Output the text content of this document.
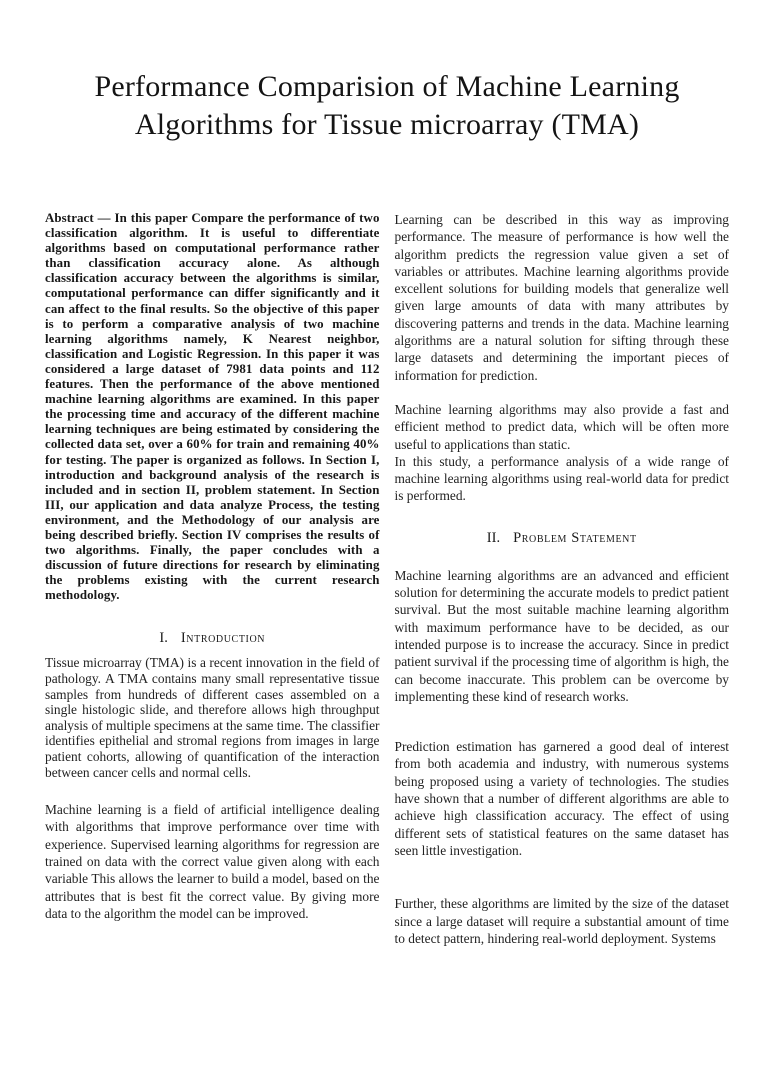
Performance Comparision of Machine Learning
Algorithms for Tissue microarray (TMA)

Abstract — In this paper Compare the performance of two classification algorithm. It is useful to differentiate algorithms based on computational performance rather than classification accuracy alone. As although classification accuracy between the algorithms is similar, computational performance can differ significantly and it can affect to the final results. So the objective of this paper is to perform a comparative analysis of two machine learning algorithms namely, K Nearest neighbor, classification and Logistic Regression. In this paper it was considered a large dataset of 7981 data points and 112 features. Then the performance of the above mentioned machine learning algorithms are examined. In this paper the processing time and accuracy of the different machine learning techniques are being estimated by considering the collected data set, over a 60% for train and remaining 40% for testing. The paper is organized as follows. In Section I, introduction and background analysis of the research is included and in section II, problem statement. In Section III, our application and data analyze Process, the testing environment, and the Methodology of our analysis are being described briefly. Section IV comprises the results of two algorithms. Finally, the paper concludes with a discussion of future directions for research by eliminating the problems existing with the current research methodology.

I. Introduction

Tissue microarray (TMA) is a recent innovation in the field of pathology. A TMA contains many small representative tissue samples from hundreds of different cases assembled on a single histologic slide, and therefore allows high throughput analysis of multiple specimens at the same time. The classifier identifies epithelial and stromal regions from images in large patient cohorts, allowing of quantification of the interaction between cancer cells and normal cells.

Machine learning is a field of artificial intelligence dealing with algorithms that improve performance over time with experience. Supervised learning algorithms for regression are trained on data with the correct value given along with each variable This allows the learner to build a model, based on the attributes that is best fit the correct value. By giving more data to the algorithm the model can be improved.

Learning can be described in this way as improving performance. The measure of performance is how well the algorithm predicts the regression value given a set of variables or attributes. Machine learning algorithms provide excellent solutions for building models that generalize well given large amounts of data with many attributes by discovering patterns and trends in the data. Machine learning algorithms are a natural solution for sifting through these large datasets and determining the important pieces of information for prediction.

Machine learning algorithms may also provide a fast and efficient method to predict data, which will be often more useful to applications than static.

In this study, a performance analysis of a wide range of machine learning algorithms using real-world data for predict is performed.

II. Problem Statement

Machine learning algorithms are an advanced and efficient solution for determining the accurate models to predict patient survival. But the most suitable machine learning algorithm with maximum performance have to be decided, as our intended purpose is to increase the accuracy. Since in predict patient survival if the processing time of algorithm is high, the can become inaccurate. This problem can be overcome by implementing these kind of research works.

Prediction estimation has garnered a good deal of interest from both academia and industry, with numerous systems being proposed using a variety of technologies. The studies have shown that a number of different algorithms are able to achieve high classification accuracy. The effect of using different sets of statistical features on the same dataset has seen little investigation.

Further, these algorithms are limited by the size of the dataset since a large dataset will require a substantial amount of time to detect pattern, hindering real-world deployment. Systems
